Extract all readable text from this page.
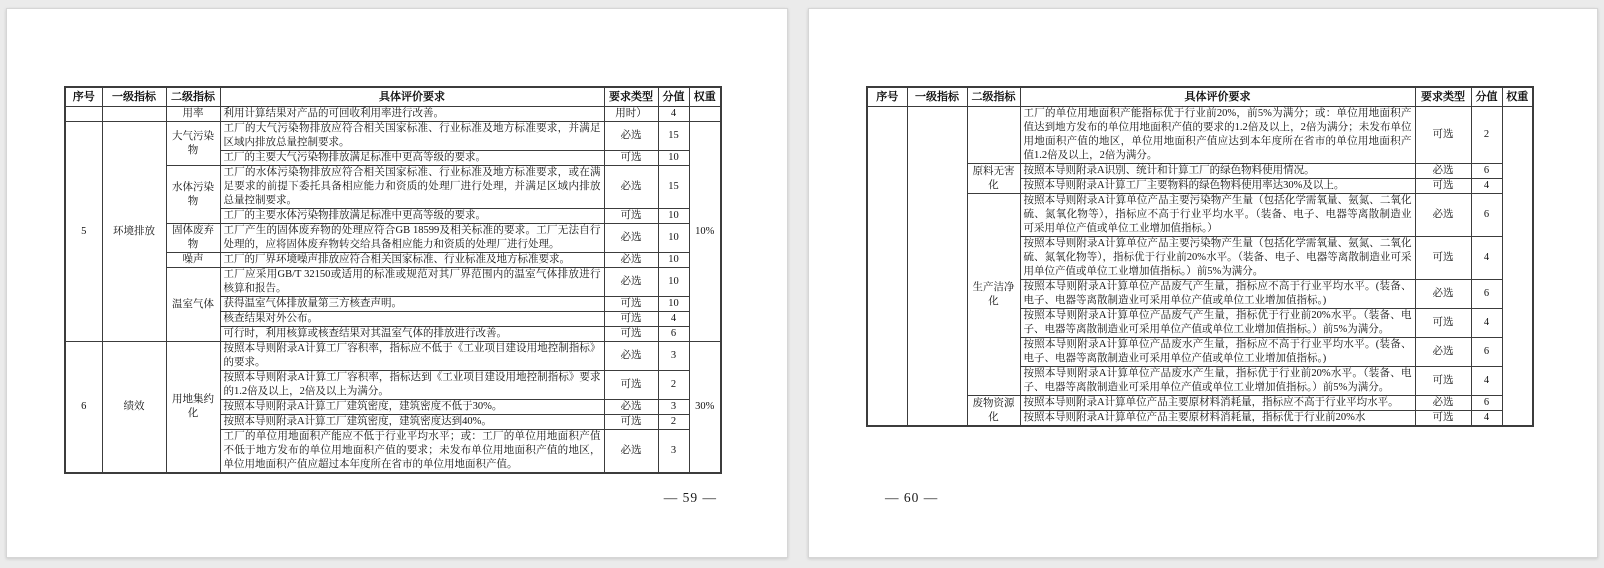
序号	一级指标	二级指标	具体评价要求	要求类型	分值	权重
		用率	利用计算结果对产品的可回收利用率进行改善。	用时）	4	
5	环境排放	大气污染物	工厂的大气污染物排放应符合相关国家标准、行业标准及地方标准要求，并满足区域内排放总量控制要求。	必选	15	10%
			工厂的主要大气污染物排放满足标准中更高等级的要求。	可选	10	
		水体污染物	工厂的水体污染物排放应符合相关国家标准、行业标准及地方标准要求，或在满足要求的前提下委托具备相应能力和资质的处理厂进行处理，并满足区域内排放总量控制要求。	必选	15	
			工厂的主要水体污染物排放满足标准中更高等级的要求。	可选	10	
		固体废弃物	工厂产生的固体废弃物的处理应符合GB 18599及相关标准的要求。工厂无法自行处理的，应将固体废弃物转交给具备相应能力和资质的处理厂进行处理。	必选	10	
		噪声	工厂的厂界环境噪声排放应符合相关国家标准、行业标准及地方标准要求。	必选	10	
		温室气体	工厂应采用GB/T 32150或适用的标准或规范对其厂界范围内的温室气体排放进行核算和报告。	必选	10	
			获得温室气体排放量第三方核查声明。	可选	10	
			核查结果对外公布。	可选	4	
			可行时，利用核算或核查结果对其温室气体的排放进行改善。	可选	6	
6	绩效	用地集约化	按照本导则附录A计算工厂容积率，指标应不低于《工业项目建设用地控制指标》的要求。	必选	3	30%
			按照本导则附录A计算工厂容积率，指标达到《工业项目建设用地控制指标》要求的1.2倍及以上，2倍及以上为满分。	可选	2	
			按照本导则附录A计算工厂建筑密度，建筑密度不低于30%。	必选	3	
			按照本导则附录A计算工厂建筑密度，建筑密度达到40%。	可选	2	
			工厂的单位用地面积产能应不低于行业平均水平；或：工厂的单位用地面积产值不低于地方发布的单位用地面积产值的要求；未发布单位用地面积产值的地区，单位用地面积产值应超过本年度所在省市的单位用地面积产值。	必选	3	
— 59 —
序号	一级指标	二级指标	具体评价要求	要求类型	分值	权重
			工厂的单位用地面积产能指标优于行业前20%，前5%为满分；或：单位用地面积产值达到地方发布的单位用地面积产值的要求的1.2倍及以上，2倍为满分；未发布单位用地面积产值的地区，单位用地面积产值应达到本年度所在省市的单位用地面积产值1.2倍及以上，2倍为满分。	可选	2	
		原料无害化	按照本导则附录A识别、统计和计算工厂的绿色物料使用情况。	必选	6	
			按照本导则附录A计算工厂主要物料的绿色物料使用率达30%及以上。	可选	4	
		生产洁净化	按照本导则附录A计算单位产品主要污染物产生量（包括化学需氧量、氨氮、二氧化硫、氮氧化物等），指标应不高于行业平均水平。（装备、电子、电器等离散制造业可采用单位产值或单位工业增加值指标。）	必选	6	
			按照本导则附录A计算单位产品主要污染物产生量（包括化学需氧量、氨氮、二氧化硫、氮氧化物等），指标优于行业前20%水平。（装备、电子、电器等离散制造业可采用单位产值或单位工业增加值指标。）前5%为满分。	可选	4	
			按照本导则附录A计算单位产品废气产生量，指标应不高于行业平均水平。(装备、电子、电器等离散制造业可采用单位产值或单位工业增加值指标。)	必选	6	
			按照本导则附录A计算单位产品废气产生量，指标优于行业前20%水平。（装备、电子、电器等离散制造业可采用单位产值或单位工业增加值指标。）前5%为满分。	可选	4	
			按照本导则附录A计算单位产品废水产生量，指标应不高于行业平均水平。(装备、电子、电器等离散制造业可采用单位产值或单位工业增加值指标。)	必选	6	
			按照本导则附录A计算单位产品废水产生量，指标优于行业前20%水平。（装备、电子、电器等离散制造业可采用单位产值或单位工业增加值指标。）前5%为满分。	可选	4	
		废物资源化	按照本导则附录A计算单位产品主要原材料消耗量，指标应不高于行业平均水平。	必选	6	
			按照本导则附录A计算单位产品主要原材料消耗量，指标优于行业前20%水	可选	4	
— 60 —
